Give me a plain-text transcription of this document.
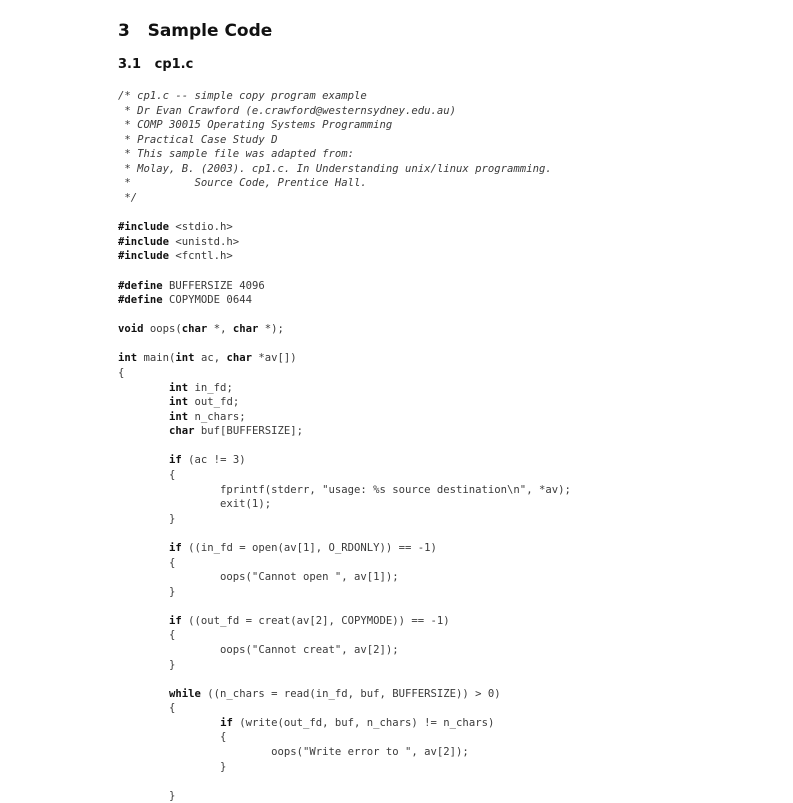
3   Sample Code
3.1   cp1.c
/* cp1.c -- simple copy program example
* Dr Evan Crawford (e.crawford@westernsydney.edu.au)
* COMP 30015 Operating Systems Programming
* Practical Case Study D
* This sample file was adapted from:
* Molay, B. (2003). cp1.c. In Understanding unix/linux programming.
*          Source Code, Prentice Hall.
*/
#include <stdio.h>
#include <unistd.h>
#include <fcntl.h>
#define BUFFERSIZE 4096
#define COPYMODE 0644
void oops(char *, char *);
int main(int ac, char *av[])
{
int in_fd;
int out_fd;
int n_chars;
char buf[BUFFERSIZE];
if (ac != 3)
{
fprintf(stderr, "usage: %s source destination\n", *av);
exit(1);
}
if ((in_fd = open(av[1], O_RDONLY)) == -1)
{
oops("Cannot open ", av[1]);
}
if ((out_fd = creat(av[2], COPYMODE)) == -1)
{
oops("Cannot creat", av[2]);
}
while ((n_chars = read(in_fd, buf, BUFFERSIZE)) > 0)
{
if (write(out_fd, buf, n_chars) != n_chars)
{
oops("Write error to ", av[2]);
}
}
